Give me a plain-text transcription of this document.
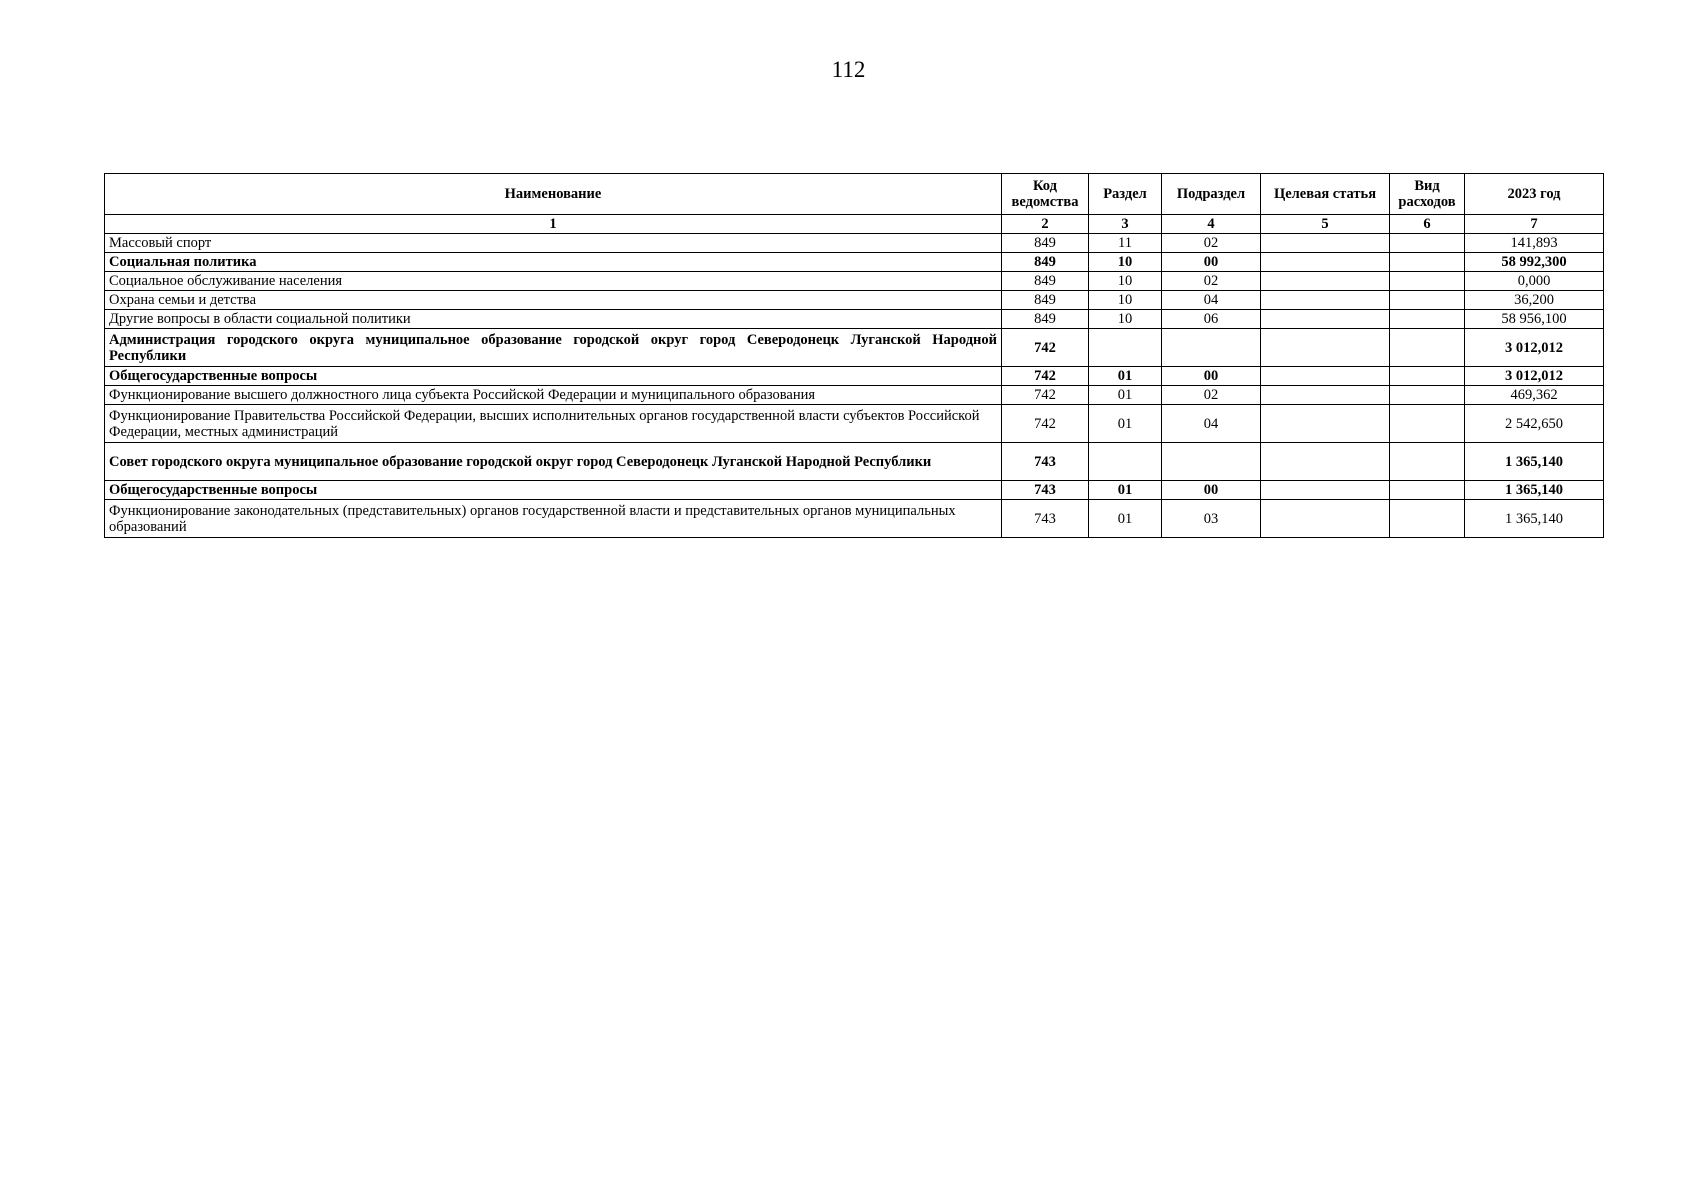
112
Наименование	Код ведомства	Раздел	Подраздел	Целевая статья	Вид расходов	2023 год
1	2	3	4	5	6	7
Массовый спорт	849	11	02			141,893
Социальная политика	849	10	00			58 992,300
Социальное обслуживание населения	849	10	02			0,000
Охрана семьи и детства	849	10	04			36,200
Другие вопросы в области социальной политики	849	10	06			58 956,100
Администрация городского округа муниципальное образование городской округ город Северодонецк Луганской Народной Республики	742					3 012,012
Общегосударственные вопросы	742	01	00			3 012,012
Функционирование высшего должностного лица субъекта Российской Федерации и муниципального образования	742	01	02			469,362
Функционирование Правительства Российской Федерации, высших исполнительных органов государственной власти субъектов Российской Федерации, местных администраций	742	01	04			2 542,650
Совет городского округа муниципальное образование городской округ город Северодонецк Луганской Народной Республики	743					1 365,140
Общегосударственные вопросы	743	01	00			1 365,140
Функционирование законодательных (представительных) органов государственной власти и представительных органов муниципальных образований	743	01	03			1 365,140
